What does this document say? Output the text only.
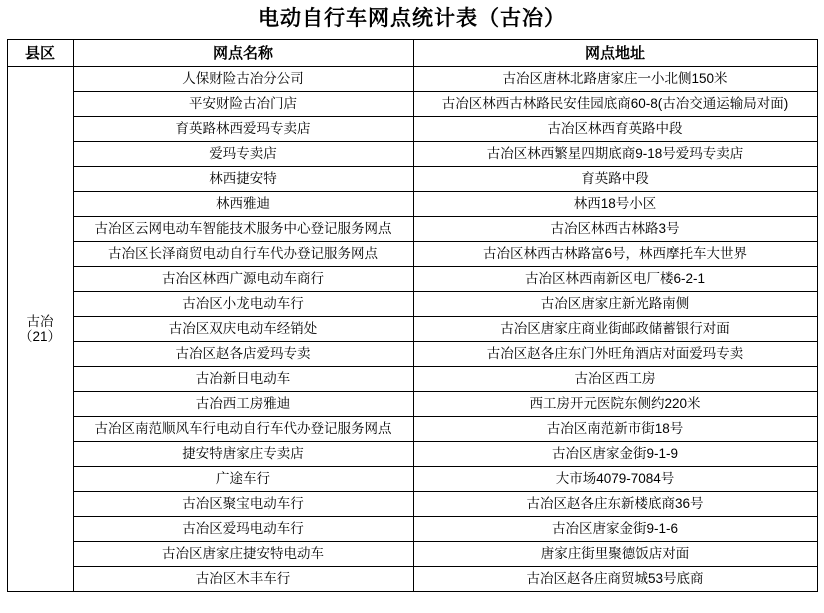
电动自行车网点统计表（古冶）
县区	网点名称	网点地址
古冶
（21）	人保财险古冶分公司	古冶区唐林北路唐家庄一小北侧150米
	平安财险古冶门店	古冶区林西古林路民安佳园底商60-8(古冶交通运输局对面)
	育英路林西爱玛专卖店	古冶区林西育英路中段
	爱玛专卖店	古冶区林西繁星四期底商9-18号爱玛专卖店
	林西捷安特	育英路中段
	林西雅迪	林西18号小区
	古冶区云网电动车智能技术服务中心登记服务网点	古冶区林西古林路3号
	古冶区长泽商贸电动自行车代办登记服务网点	古冶区林西古林路富6号，林西摩托车大世界
	古冶区林西广源电动车商行	古冶区林西南新区电厂楼6-2-1
	古冶区小龙电动车行	古冶区唐家庄新光路南侧
	古冶区双庆电动车经销处	古冶区唐家庄商业街邮政储蓄银行对面
	古冶区赵各店爱玛专卖	古冶区赵各庄东门外旺角酒店对面爱玛专卖
	古冶新日电动车	古冶区西工房
	古冶西工房雅迪	西工房开元医院东侧约220米
	古冶区南范顺风车行电动自行车代办登记服务网点	古冶区南范新市街18号
	捷安特唐家庄专卖店	古冶区唐家金街9-1-9
	广途车行	大市场4079-7084号
	古冶区聚宝电动车行	古冶区赵各庄东新楼底商36号
	古冶区爱玛电动车行	古冶区唐家金街9-1-6
	古冶区唐家庄捷安特电动车	唐家庄街里聚德饭店对面
	古冶区木丰车行	古冶区赵各庄商贸城53号底商
